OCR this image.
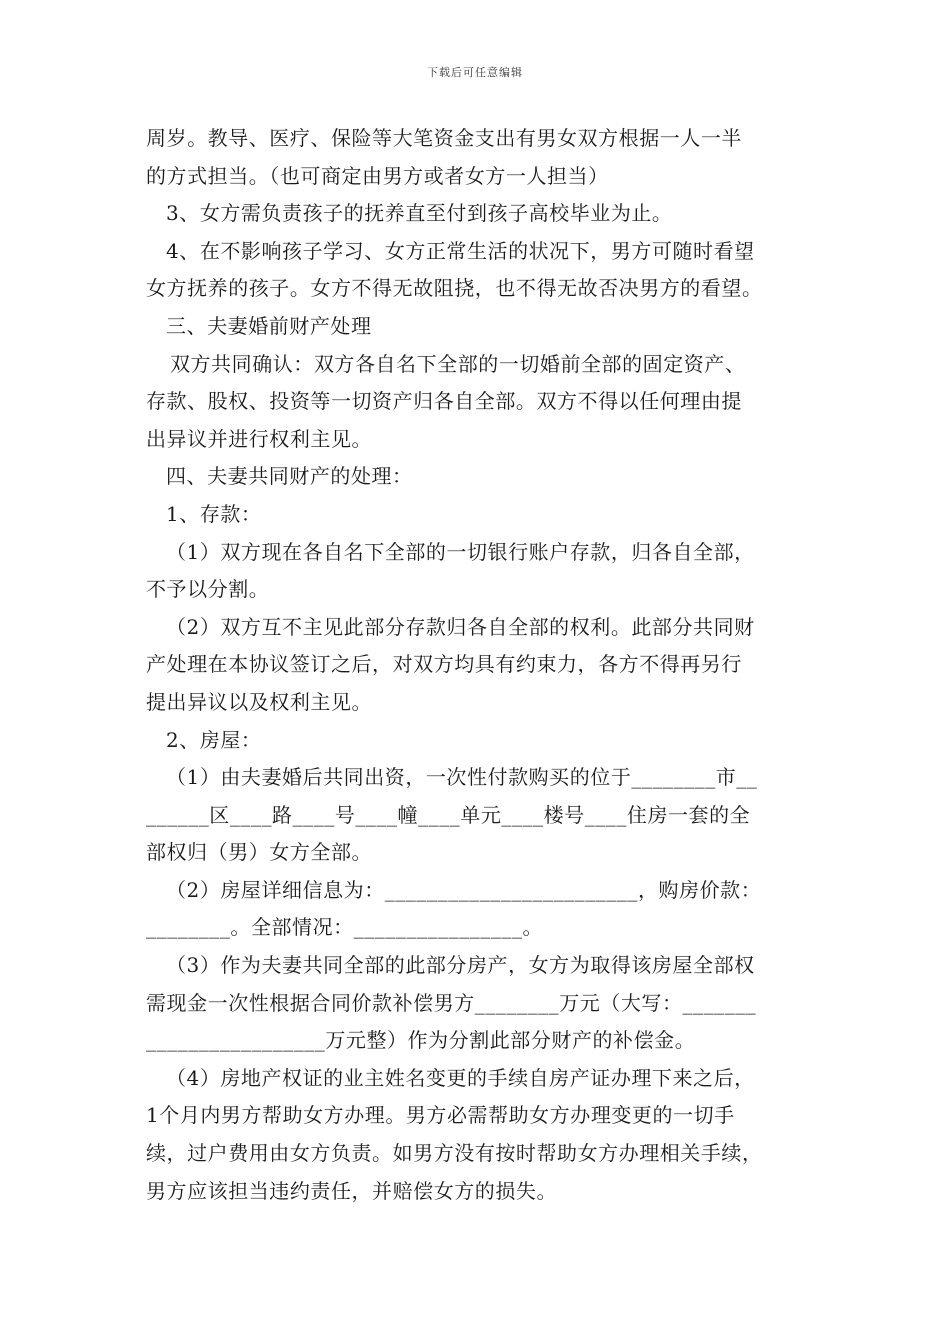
下载后可任意编辑
周岁。教导、医疗、保险等大笔资金支出有男女双方根据一人一半
的方式担当。（也可商定由男方或者女方一人担当）
3、女方需负责孩子的抚养直至付到孩子高校毕业为止。
4、在不影响孩子学习、女方正常生活的状况下，男方可随时看望
女方抚养的孩子。女方不得无故阻挠，也不得无故否决男方的看望。
三、夫妻婚前财产处理
双方共同确认：双方各自名下全部的一切婚前全部的固定资产、
存款、股权、投资等一切资产归各自全部。双方不得以任何理由提
出异议并进行权利主见。
四、夫妻共同财产的处理：
1、存款：
（1）双方现在各自名下全部的一切银行账户存款，归各自全部，
不予以分割。
（2）双方互不主见此部分存款归各自全部的权利。此部分共同财
产处理在本协议签订之后，对双方均具有约束力，各方不得再另行
提出异议以及权利主见。
2、房屋：
（1）由夫妻婚后共同出资，一次性付款购买的位于________市__
______区____路____号____幢____单元____楼号____住房一套的全
部权归（男）女方全部。
（2）房屋详细信息为：________________________，购房价款：
________。全部情况：________________。
（3）作为夫妻共同全部的此部分房产，女方为取得该房屋全部权
需现金一次性根据合同价款补偿男方________万元（大写：_______
_________________万元整）作为分割此部分财产的补偿金。
（4）房地产权证的业主姓名变更的手续自房产证办理下来之后，
1个月内男方帮助女方办理。男方必需帮助女方办理变更的一切手
续，过户费用由女方负责。如男方没有按时帮助女方办理相关手续，
男方应该担当违约责任，并赔偿女方的损失。
